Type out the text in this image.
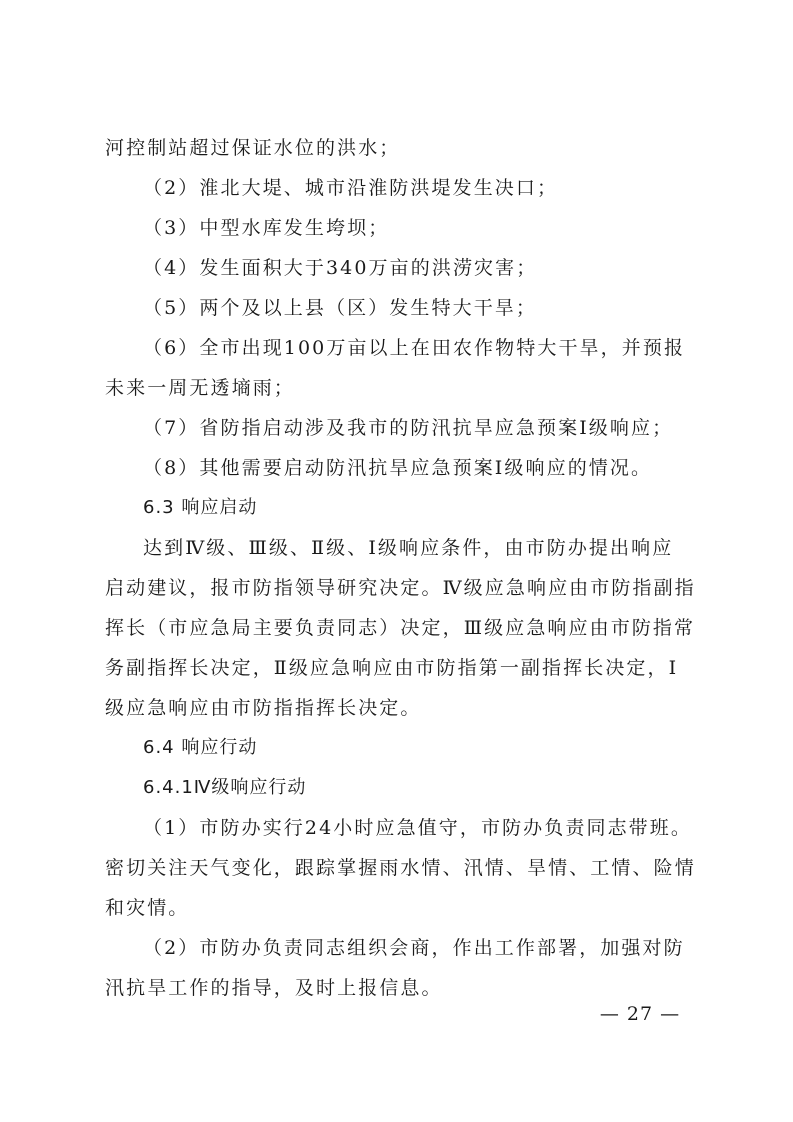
河控制站超过保证水位的洪水；
（2）淮北大堤、城市沿淮防洪堤发生决口；
（3）中型水库发生垮坝；
（4）发生面积大于340万亩的洪涝灾害；
（5）两个及以上县（区）发生特大干旱；
（6）全市出现100万亩以上在田农作物特大干旱，并预报
未来一周无透墒雨；
（7）省防指启动涉及我市的防汛抗旱应急预案Ⅰ级响应；
（8）其他需要启动防汛抗旱应急预案Ⅰ级响应的情况。
6.3 响应启动
达到Ⅳ级、Ⅲ级、Ⅱ级、Ⅰ级响应条件，由市防办提出响应
启动建议，报市防指领导研究决定。Ⅳ级应急响应由市防指副指
挥长（市应急局主要负责同志）决定，Ⅲ级应急响应由市防指常
务副指挥长决定，Ⅱ级应急响应由市防指第一副指挥长决定，Ⅰ
级应急响应由市防指指挥长决定。
6.4 响应行动
6.4.1Ⅳ级响应行动
（1）市防办实行24小时应急值守，市防办负责同志带班。
密切关注天气变化，跟踪掌握雨水情、汛情、旱情、工情、险情
和灾情。
（2）市防办负责同志组织会商，作出工作部署，加强对防
汛抗旱工作的指导，及时上报信息。
— 27 —
